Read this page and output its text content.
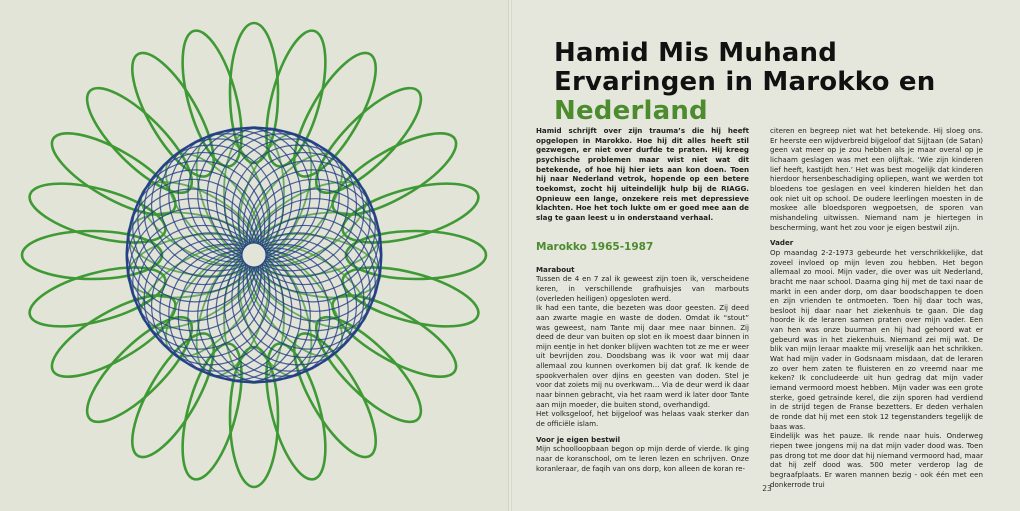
Hamid Mis Muhand
Ervaringen in Marokko en
Nederland

Hamid schrijft over zijn trauma’s die hij heeft opgelopen in Marokko. Hoe hij dit alles heeft stil gezwegen, er niet over durfde te praten. Hij kreeg psychische problemen maar wist niet wat dit betekende, of hoe hij hier iets aan kon doen. Toen hij naar Nederland vetrok, hopende op een betere toekomst, zocht hij uiteindelijk hulp bij de RIAGG. Opnieuw een lange, onzekere reis met depressieve klachten. Hoe het toch lukte om er goed mee aan de slag te gaan leest u in onderstaand verhaal.

Marokko 1965-1987

Marabout

Tussen de 4 en 7 zal ik geweest zijn toen ik, verscheidene keren, in verschillende grafhuisjes van marbouts (overleden heiligen) opgesloten werd.

Ik had een tante, die bezeten was door geesten. Zij deed aan zwarte magie en waste de doden. Omdat ik “stout” was geweest, nam Tante mij daar mee naar binnen. Zij deed de deur van buiten op slot en ik moest daar binnen in mijn eentje in het donker blijven wachten tot ze me er weer uit bevrijden zou. Doodsbang was ik voor wat mij daar allemaal zou kunnen overkomen bij dat graf. Ik kende de spookverhalen over djins en geesten van doden. Stel je voor dat zoiets mij nu overkwam… Via de deur werd ik daar naar binnen gebracht, via het raam werd ik later door Tante aan mijn moeder, die buiten stond, overhandigd.

Het volksgeloof, het bijgeloof was helaas vaak sterker dan de officiële islam.

Voor je eigen bestwil

Mijn schoolloopbaan begon op mijn derde of vierde. Ik ging naar de koranschool, om te leren lezen en schrijven. Onze koranleraar, de faqih van ons dorp, kon alleen de koran re-

citeren en begreep niet wat het betekende. Hij sloeg ons. Er heerste een wijdverbreid bijgeloof dat Sijjtaan (de Satan) geen vat meer op je zou hebben als je maar overal op je lichaam geslagen was met een olijftak. ‘Wie zijn kinderen lief heeft, kastijdt hen.’ Het was best mogelijk dat kinderen hierdoor hersenbeschadiging opliepen, want we werden tot bloedens toe geslagen en veel kinderen hielden het dan ook niet uit op school. De oudere leerlingen moesten in de moskee alle bloedsporen wegpoetsen, de sporen van mishandeling uitwissen. Niemand nam je hiertegen in bescherming, want het zou voor je eigen bestwil zijn.

Vader

Op maandag 2-2-1973 gebeurde het verschrikkelijke, dat zoveel invloed op mijn leven zou hebben. Het begon allemaal zo mooi. Mijn vader, die over was uit Nederland, bracht me naar school. Daarna ging hij met de taxi naar de markt in een ander dorp, om daar boodschappen te doen en zijn vrienden te ontmoeten. Toen hij daar toch was, besloot hij daar naar het ziekenhuis te gaan. Die dag hoorde ik de leraren samen praten over mijn vader. Een van hen was onze buurman en hij had gehoord wat er gebeurd was in het ziekenhuis. Niemand zei mij wat. De blik van mijn leraar maakte mij vreselijk aan het schrikken. Wat had mijn vader in Godsnaam misdaan, dat de leraren zo over hem zaten te fluisteren en zo vreemd naar me keken? Ik concludeerde uit hun gedrag dat mijn vader iemand vermoord moest hebben. Mijn vader was een grote sterke, goed getrainde kerel, die zijn sporen had verdiend in de strijd tegen de Franse bezetters. Er deden verhalen de ronde dat hij met een stok 12 tegenstanders tegelijk de baas was.

Eindelijk was het pauze. Ik rende naar huis. Onderweg riepen twee jongens mij na dat mijn vader dood was. Toen pas drong tot me door dat hij niemand vermoord had, maar dat hij zelf dood was. 500 meter verderop lag de begraafplaats. Er waren mannen bezig - ook één met een donkerrode trui

23
